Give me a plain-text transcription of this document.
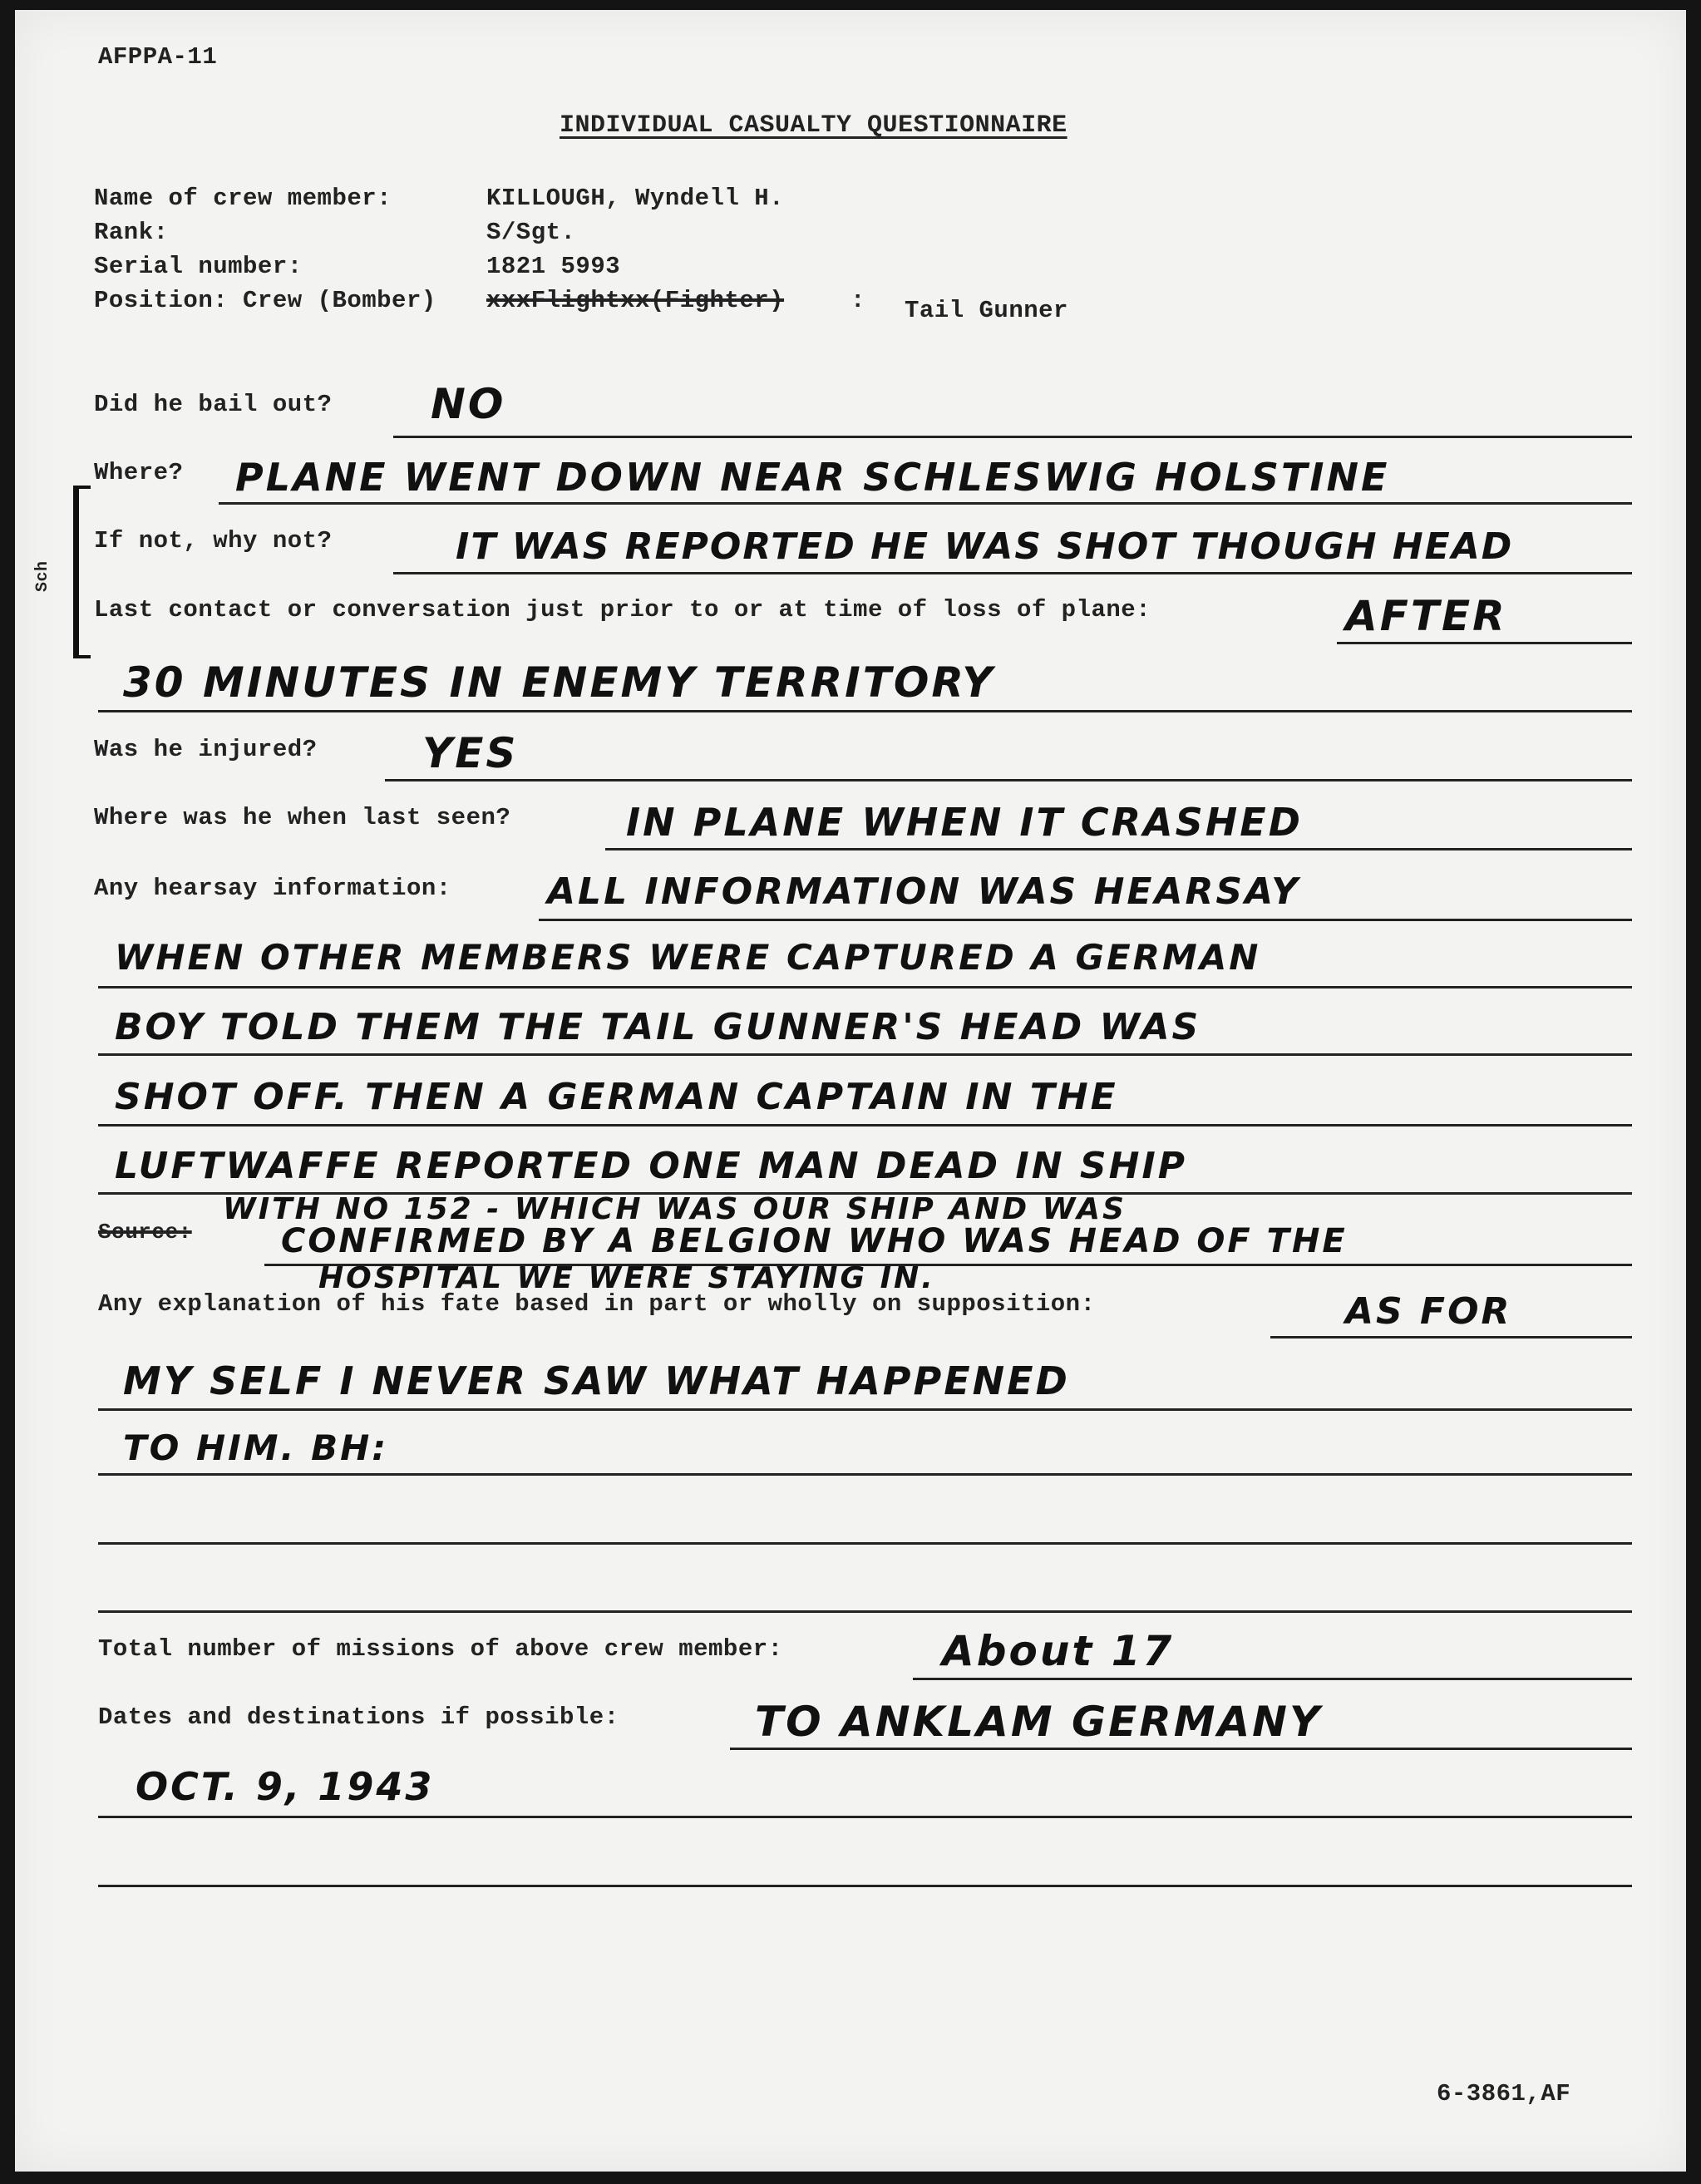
AFPPA-11
INDIVIDUAL CASUALTY QUESTIONNAIRE
Name of crew member:	KILLOUGH, Wyndell H.
Rank:	S/Sgt.
Serial number:	1821 5993
Position: Crew (Bomber) xxxFlightxx(Fighter)	: Tail Gunner
Sch
Did he bail out? NO
Where? PLANE WENT DOWN NEAR SCHLESWIG HOLSTINE
If not, why not?	IT WAS REPORTED HE WAS SHOT THOUGH HEAD
Last contact or conversation just prior to or at time of loss of plane:	AFTER
30 MINUTES IN ENEMY TERRITORY
Was he injured?	YES
Where was he when last seen?	IN PLANE WHEN IT CRASHED
Any hearsay information:	ALL INFORMATION WAS HEARSAY
WHEN OTHER MEMBERS WERE CAPTURED A GERMAN
BOY TOLD THEM THE TAIL GUNNER'S HEAD WAS
SHOT OFF. THEN A GERMAN CAPTAIN IN THE
LUFTWAFFE REPORTED ONE MAN DEAD IN SHIP
WITH NO 152 - WHICH WAS OUR SHIP AND WAS
Source:	CONFIRMED BY A BELGION WHO WAS HEAD OF THE
HOSPITAL WE WERE STAYING IN.
Any explanation of his fate based in part or wholly on supposition:	AS FOR
MY SELF I NEVER SAW WHAT HAPPENED
TO HIM. BH:
Total number of missions of above crew member:	About 17
Dates and destinations if possible:	TO ANKLAM GERMANY
OCT. 9, 1943
6-3861,AF
